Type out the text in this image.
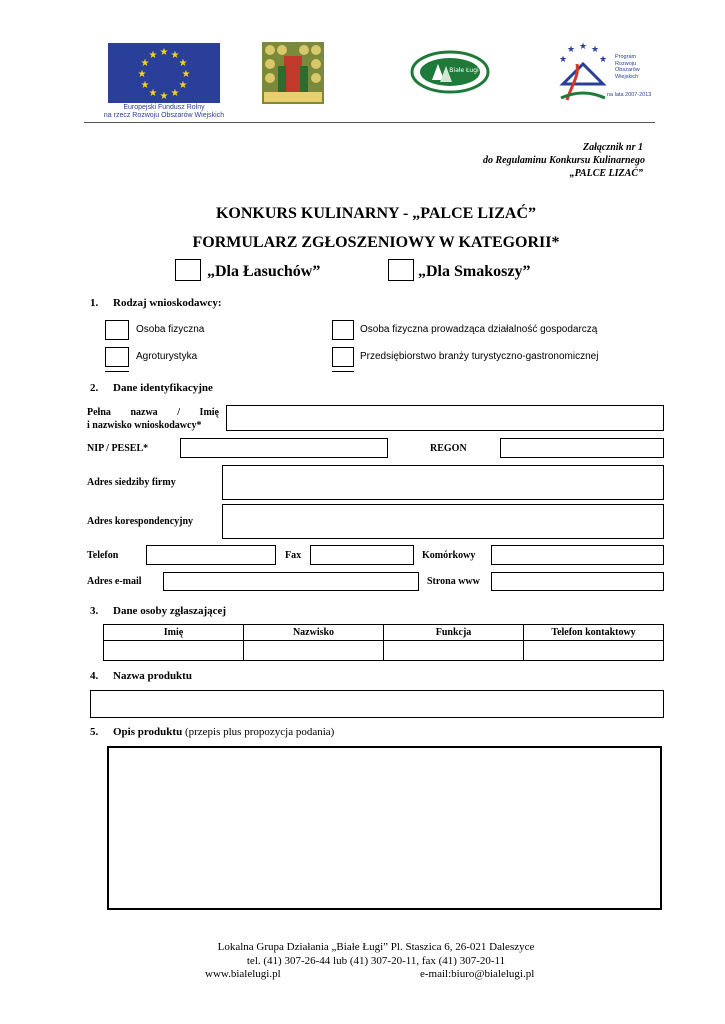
★ ★
★
★
★
★
★
★
★
★
★
★
Europejski Fundusz Rolny
na rzecz Rozwoju Obszarów Wiejskich
Białe Ługi
★ ★ ★
★	★ Program
Rozwoju
Obszarów
Wiejskich
na lata 2007-2013
Załącznik nr 1
do Regulaminu Konkursu Kulinarnego
„PALCE LIZAĆ”
KONKURS KULINARNY - „PALCE LIZAĆ”
FORMULARZ ZGŁOSZENIOWY W KATEGORII*
„Dla Łasuchów”	„Dla Smakoszy”
1. Rodzaj wnioskodawcy:
Osoba fizyczna	Osoba fizyczna prowadząca działalność gospodarczą
Agroturystyka	Przedsiębiorstwo branży turystyczno-gastronomicznej
2. Dane identyfikacyjne
Pełna nazwa / Imię
i nazwisko wnioskodawcy*
NIP / PESEL*	REGON
Adres siedziby firmy
Adres korespondencyjny
Telefon	Fax	Komórkowy
Adres e-mail	Strona www
3. Dane osoby zgłaszającej
Imię	Nazwisko	Funkcja	Telefon kontaktowy

4. Nazwa produktu
5. Opis produktu (przepis plus propozycja podania)
Lokalna Grupa Działania „Białe Ługi” Pl. Staszica 6, 26-021 Daleszyce
tel. (41) 307-26-44 lub (41) 307-20-11, fax (41) 307-20-11
www.bialelugi.pl	e-mail:biuro@bialelugi.pl
